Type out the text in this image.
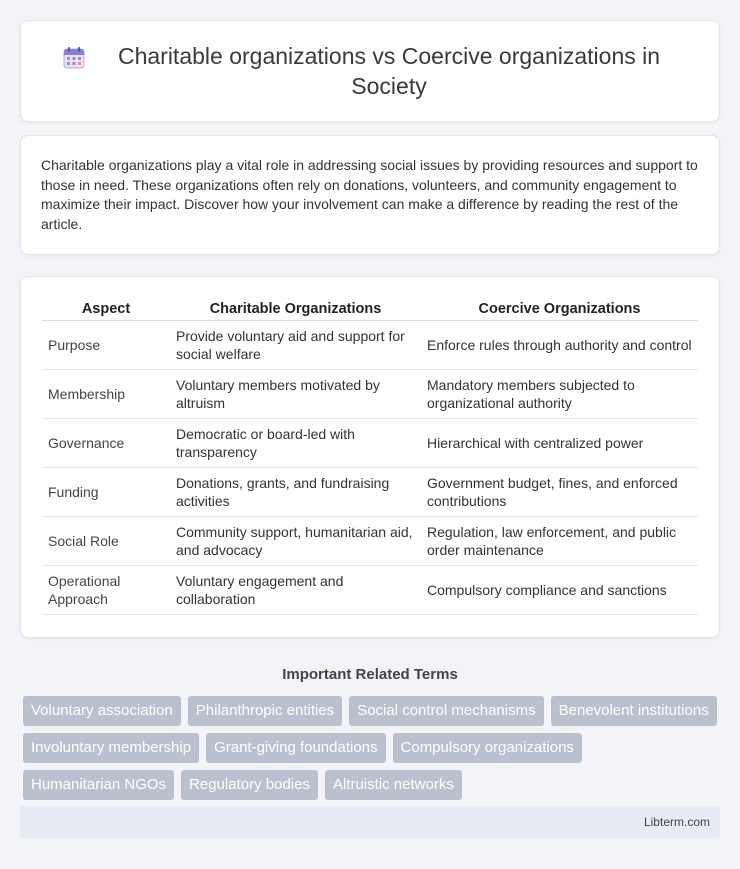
Charitable organizations vs Coercive organizations in Society

Charitable organizations play a vital role in addressing social issues by providing resources and support to those in need. These organizations often rely on donations, volunteers, and community engagement to maximize their impact. Discover how your involvement can make a difference by reading the rest of the article.

Aspect	Charitable Organizations	Coercive Organizations
Purpose	Provide voluntary aid and support for social welfare	Enforce rules through authority and control
Membership	Voluntary members motivated by altruism	Mandatory members subjected to organizational authority
Governance	Democratic or board-led with transparency	Hierarchical with centralized power
Funding	Donations, grants, and fundraising activities	Government budget, fines, and enforced contributions
Social Role	Community support, humanitarian aid, and advocacy	Regulation, law enforcement, and public order maintenance
Operational Approach	Voluntary engagement and collaboration	Compulsory compliance and sanctions
Important Related Terms
Voluntary association	Philanthropic entities	Social control mechanisms	Benevolent institutions
Involuntary membership	Grant-giving foundations	Compulsory organizations
Humanitarian NGOs	Regulatory bodies	Altruistic networks
Libterm.com
